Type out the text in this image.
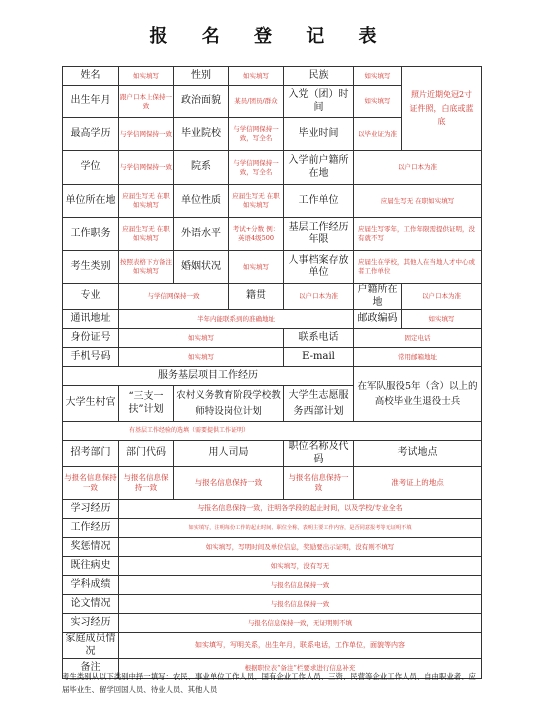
报 名 登 记 表
姓名	如实填写	性别	如实填写	民族	如实填写	照片近期免冠2寸证件照，白底或蓝底
出生年月	跟户口本上保持一致	政治面貌	某员/团员/群众	入党（团）时间	如实填写	
最高学历	与学信网保持一致	毕业院校	与学信网保持一致，写全名	毕业时间	以毕业证为准	
学位	与学信网保持一致	院系	与学信网保持一致，写全名	入学前户籍所在地	以户口本为准	
单位所在地	应届生写无 在职如实填写	单位性质	应届生写无 在职如实填写	工作单位	应届生写无 在职如实填写	
工作职务	应届生写无 在职如实填写	外语水平	考试+分数 例：英语4级500	基层工作经历年限	应届生写零年，工作年限需提供证明，没有就不写	
考生类别	按照表格下方备注如实填写	婚姻状况	如实填写	人事档案存放单位	应届生在学校，其他人在当地人才中心或者工作单位	
专业	与学信网保持一致		籍贯	以户口本为准	户籍所在地	以户口本为准
通讯地址	半年内能联系到的准确地址				邮政编码	如实填写
身份证号	如实填写			联系电话	固定电话	
手机号码	如实填写			E-mail	常用邮箱地址	
服务基层项目工作经历					在军队服役5年（含）以上的高校毕业生退役士兵	
大学生村官	“三支一扶”计划	农村义务教育阶段学校教师特设岗位计划		大学生志愿服务西部计划		
有基层工作经验的选填（需要提供工作证明）						
招考部门	部门代码	用人司局		职位名称及代码	考试地点	
与报名信息保持一致	与报名信息保持一致	与报名信息保持一致		与报名信息保持一致	准考证上的地点	
学习经历	与报名信息保持一致，注明各学段的起止时间，以及学校/专业全名					
工作经历	如实填写，注明每份工作的起止时间、职位全称，表明主要工作内容，是否同意报考等无证明不填					
奖惩情况	如实填写，写明时间及单位信息，奖励要出示证明，没有则不填写					
既往病史	如实填写，没有写无					
学科成绩	与报名信息保持一致					
论文情况	与报名信息保持一致					
实习经历	与报名信息保持一致，无证明则不填					
家庭成员情况	如实填写，写明关系，出生年月，联系电话，工作单位，面貌等内容					
备注	根据职位表“备注”栏要求进行信息补充					
考生类别从以下类别中择一填写：农民、事业单位工作人员、国有企业工作人员、三资、民营等企业工作人员、自由职业者、应届毕业生、留学回国人员、待业人员、其他人员
